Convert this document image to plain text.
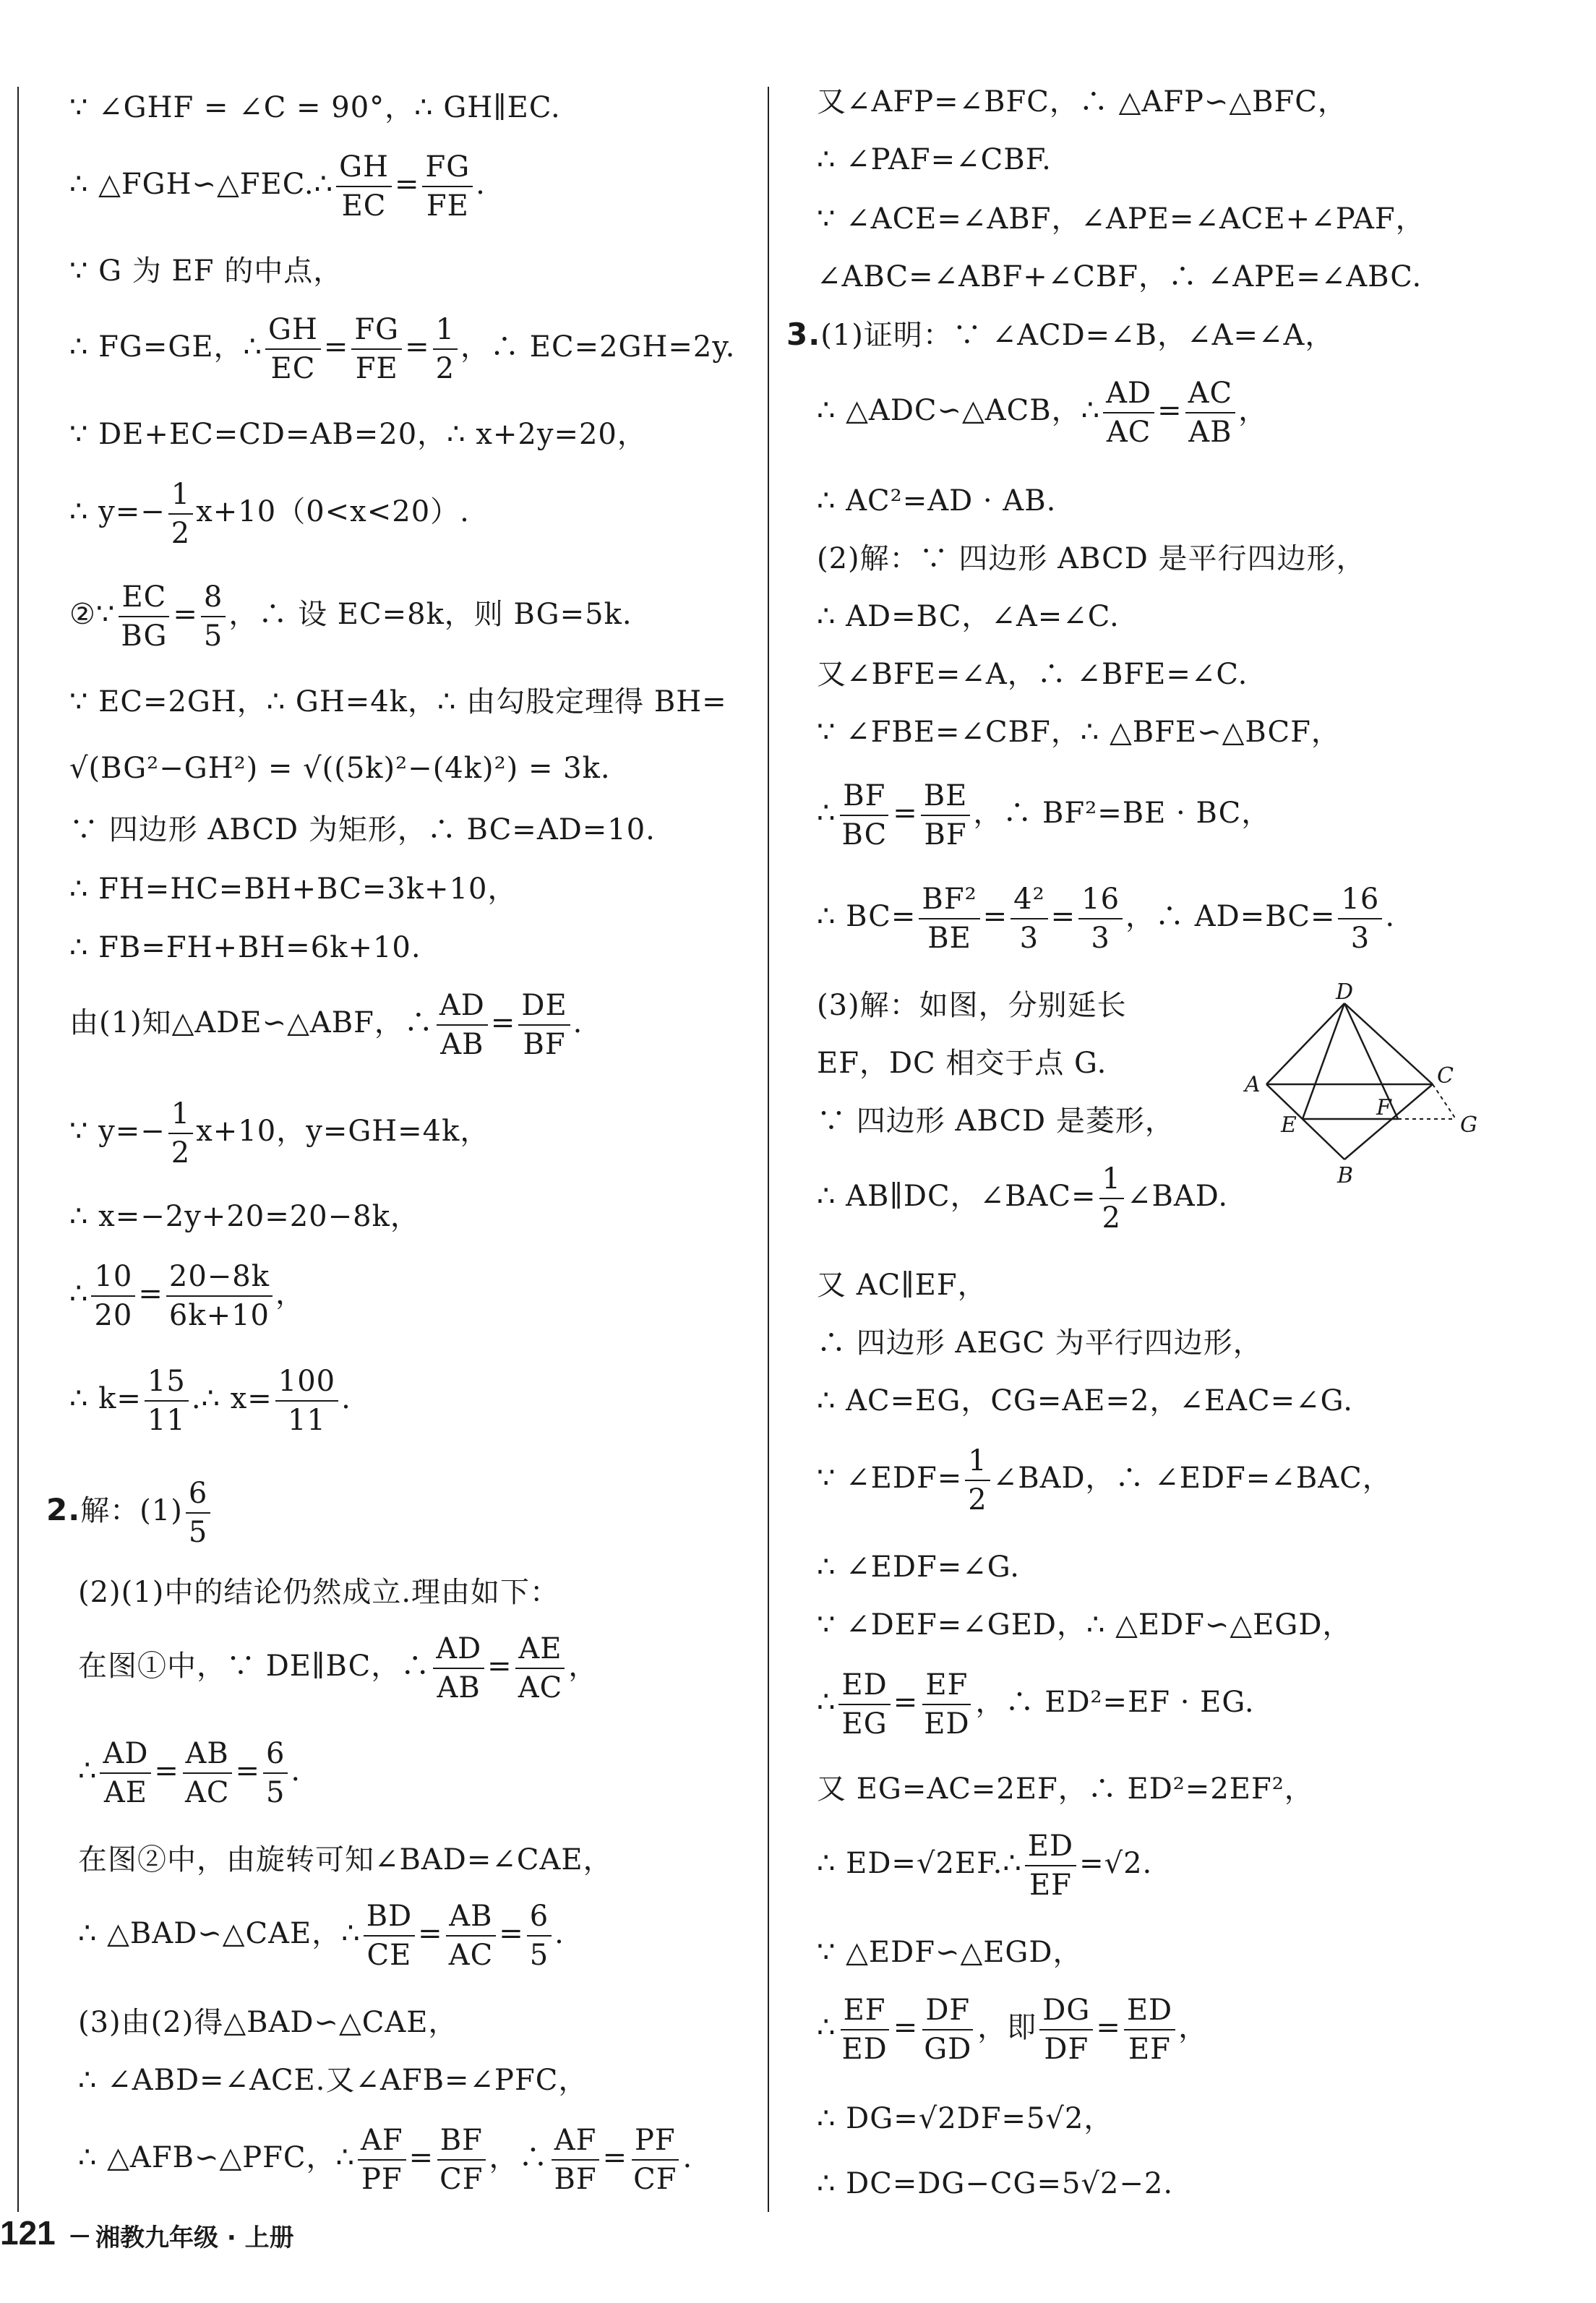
∵ ∠GHF = ∠C = 90°，∴ GH∥EC.
∴ △FGH∽△FEC.∴ $\frac{GH}{EC} = \frac{FG}{FE}$ .
∵ G 为 EF 的中点，
∴ FG=GE，∴ $\frac{GH}{EC} = \frac{FG}{FE} = \frac{1}{2}$ ，∴ EC=2GH=2y.
∵ DE+EC=CD=AB=20，∴ x+2y=20，
∴ $y=- \frac{1}{2} x+10(0<x<20)$.
②∵ $\frac{EC}{BG} = \frac{8}{5}$ ，∴ 设 EC=8k，则 BG=5k.
∵ EC=2GH，∴ GH=4k，∴ 由勾股定理得 BH=
√(BG²−GH²) = √((5k)²−(4k)²) = 3k.
∵ 四边形 ABCD 为矩形，∴ BC=AD=10.
∴ FH=HC=BH+BC=3k+10，
∴ FB=FH+BH=6k+10.
由(1)知△ADE∽△ABF，∴ $\frac{AD}{AB} = \frac{DE}{BF}$ .
∵ $y=- \frac{1}{2} x+10$，y=GH=4k，
∴ x=−2y+20=20−8k，
∴ $\frac{10}{20} = \frac{20-8k}{6k+10}$ ，
∴ $k= \frac{15}{11}$ .∴ $x= \frac{100}{11}$ .
2.解：$(1) \frac{6}{5}$
(2)(1)中的结论仍然成立.理由如下：
在图①中，∵ DE∥BC，∴ $\frac{AD}{AB} = \frac{AE}{AC}$ ，
∴ $\frac{AD}{AE} = \frac{AB}{AC} = \frac{6}{5}$ .
在图②中，由旋转可知∠BAD=∠CAE，
∴ △BAD∽△CAE，∴ $\frac{BD}{CE} = \frac{AB}{AC} = \frac{6}{5}$ .
(3)由(2)得△BAD∽△CAE，
∴ ∠ABD=∠ACE.又∠AFB=∠PFC，
∴ △AFB∽△PFC，∴ $\frac{AF}{PF} = \frac{BF}{CF}$ ，∴ $\frac{AF}{BF} = \frac{PF}{CF}$ .
又∠AFP=∠BFC，∴ △AFP∽△BFC，
∴ ∠PAF=∠CBF.
∵ ∠ACE=∠ABF，∠APE=∠ACE+∠PAF，
∠ABC=∠ABF+∠CBF，∴ ∠APE=∠ABC.
3.(1)证明：∵ ∠ACD=∠B，∠A=∠A，
∴ △ADC∽△ACB，∴ $\frac{AD}{AC} = \frac{AC}{AB}$ ，
∴ AC²=AD · AB.
(2)解：∵ 四边形 ABCD 是平行四边形，
∴ AD=BC，∠A=∠C.
又∠BFE=∠A，∴ ∠BFE=∠C.
∵ ∠FBE=∠CBF，∴ △BFE∽△BCF，
∴ $\frac{BF}{BC} = \frac{BE}{BF}$ ，∴ BF²=BE · BC，
∴ $BC= \frac{\text{BF²}}{BE} = \frac{\text{4²}}{3} = \frac{16}{3}$ ，∴ $AD=BC= \frac{16}{3}$ .
(3)解：如图，分别延长
EF，DC 相交于点 G.
∵ 四边形 ABCD 是菱形，
∴ AB∥DC，∠BAC= $\frac{1}{2}$ ∠BAD.
又 AC∥EF，
∴ 四边形 AEGC 为平行四边形，
∴ AC=EG，CG=AE=2，∠EAC=∠G.
∵ ∠EDF= $\frac{1}{2}$ ∠BAD，∴ ∠EDF=∠BAC，
∴ ∠EDF=∠G.
∵ ∠DEF=∠GED，∴ △EDF∽△EGD，
∴ $\frac{ED}{EG} = \frac{EF}{ED}$ ，∴ ED²=EF · EG.
又 EG=AC=2EF，∴ ED²=2EF²，
∴ ED=√2EF.∴ $\frac{ED}{EF} =√2$.
∵ △EDF∽△EGD，
∴ $\frac{EF}{ED} = \frac{DF}{GD}$ ，即 $\frac{DG}{DF} = \frac{ED}{EF}$ ，
∴ DG=√2DF=5√2，
∴ DC=DG−CG=5√2−2.
D
A	C
E
F
G
B
121 – 湘教九年级 · 上册
